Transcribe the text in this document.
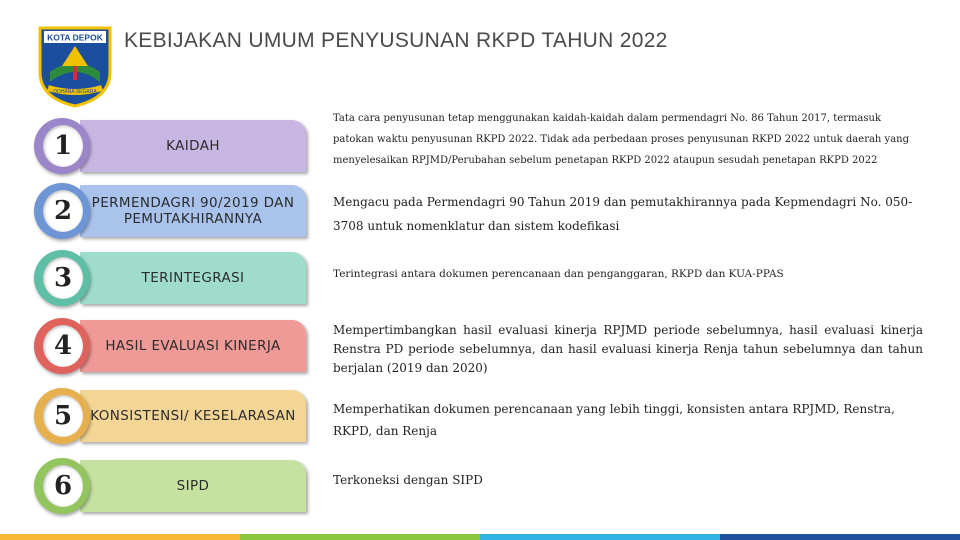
KOTA DEPOK
DOHANA SEGARA
KEBIJAKAN UMUM PENYUSUNAN RKPD TAHUN 2022
KAIDAH
1
PERMENDAGRI 90/2019 DAN PEMUTAKHIRANNYA
2
TERINTEGRASI
3
HASIL EVALUASI KINERJA
4
KONSISTENSI/ KESELARASAN
5
SIPD
6
Tata cara penyusunan tetap menggunakan kaidah-kaidah dalam permendagri No. 86 Tahun 2017, termasuk patokan waktu penyusunan RKPD 2022. Tidak ada perbedaan proses penyusunan RKPD 2022 untuk daerah yang menyelesaikan RPJMD/Perubahan sebelum penetapan RKPD 2022 ataupun sesudah penetapan RKPD 2022
Mengacu pada Permendagri 90 Tahun 2019 dan pemutakhirannya pada Kepmendagri No. 050-3708 untuk nomenklatur dan sistem kodefikasi
Terintegrasi antara dokumen perencanaan dan penganggaran, RKPD dan KUA-PPAS
Mempertimbangkan hasil evaluasi kinerja RPJMD periode sebelumnya, hasil evaluasi kinerja Renstra PD periode sebelumnya, dan hasil evaluasi kinerja Renja tahun sebelumnya dan tahun berjalan (2019 dan 2020)
Memperhatikan dokumen perencanaan yang lebih tinggi, konsisten antara RPJMD, Renstra, RKPD, dan Renja
Terkoneksi dengan SIPD
